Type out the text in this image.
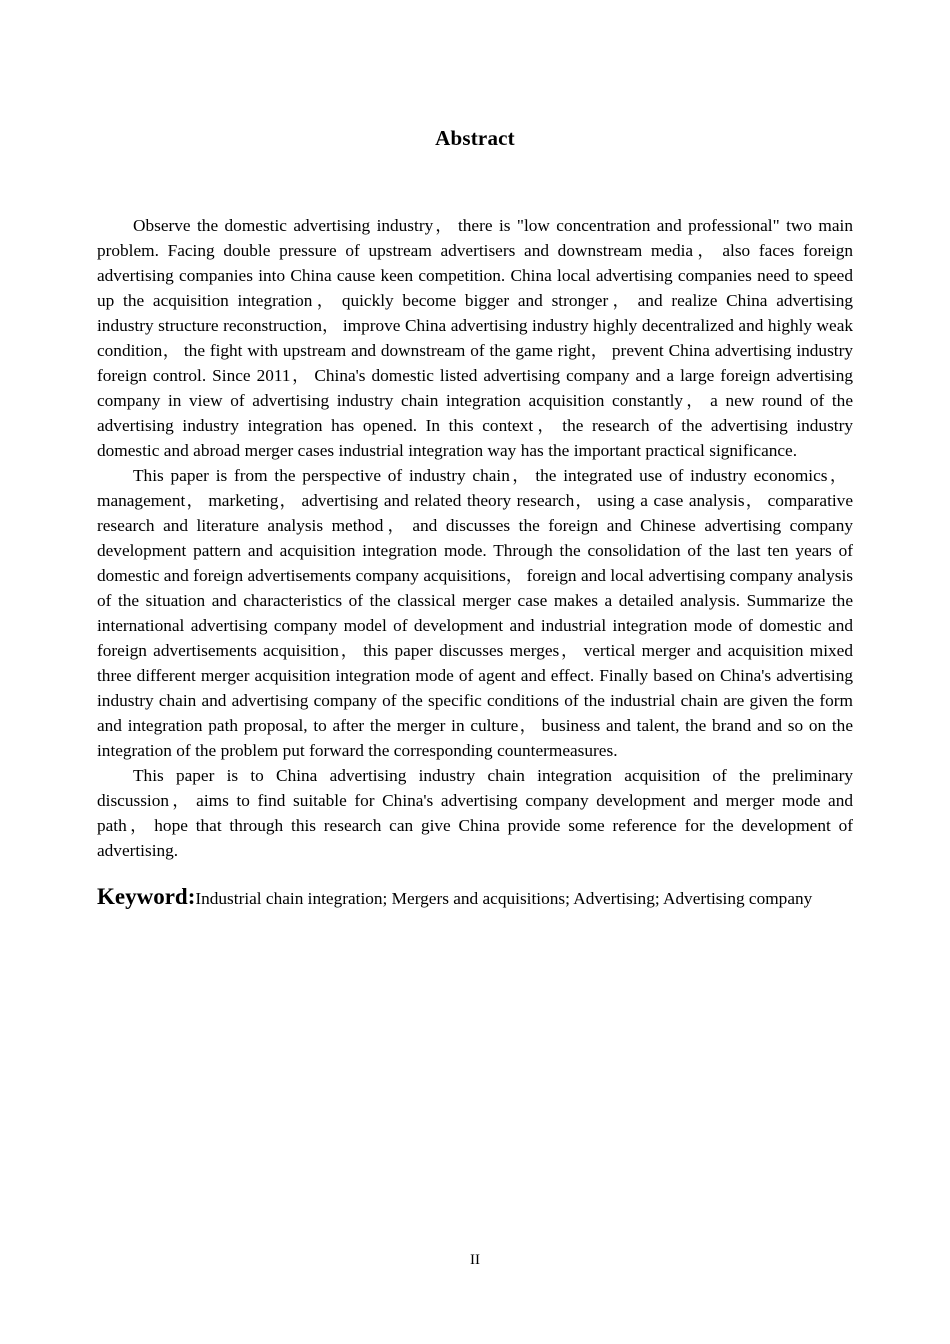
Abstract

Observe the domestic advertising industry， there is "low concentration and professional" two main problem. Facing double pressure of upstream advertisers and downstream media， also faces foreign advertising companies into China cause keen competition. China local advertising companies need to speed up the acquisition integration， quickly become bigger and stronger， and realize China advertising industry structure reconstruction， improve China advertising industry highly decentralized and highly weak condition， the fight with upstream and downstream of the game right， prevent China advertising industry foreign control. Since 2011， China's domestic listed advertising company and a large foreign advertising company in view of advertising industry chain integration acquisition constantly， a new round of the advertising industry integration has opened. In this context， the research of the advertising industry domestic and abroad merger cases industrial integration way has the important practical significance.

This paper is from the perspective of industry chain， the integrated use of industry economics， management， marketing， advertising and related theory research， using a case analysis， comparative research and literature analysis method， and discusses the foreign and Chinese advertising company development pattern and acquisition integration mode. Through the consolidation of the last ten years of domestic and foreign advertisements company acquisitions， foreign and local advertising company analysis of the situation and characteristics of the classical merger case makes a detailed analysis. Summarize the international advertising company model of development and industrial integration mode of domestic and foreign advertisements acquisition， this paper discusses merges， vertical merger and acquisition mixed three different merger acquisition integration mode of agent and effect. Finally based on China's advertising industry chain and advertising company of the specific conditions of the industrial chain are given the form and integration path proposal, to after the merger in culture， business and talent, the brand and so on the integration of the problem put forward the corresponding countermeasures.

This paper is to China advertising industry chain integration acquisition of the preliminary discussion， aims to find suitable for China's advertising company development and merger mode and path， hope that through this research can give China provide some reference for the development of advertising.

Keyword:Industrial chain integration; Mergers and acquisitions; Advertising; Advertising company

II
